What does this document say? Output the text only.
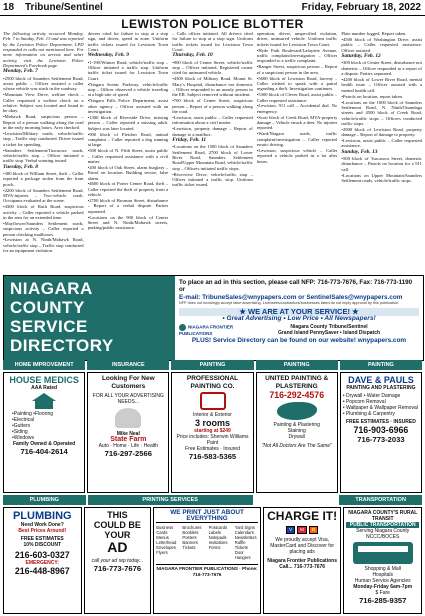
18	Tribune/Sentinel	Friday, February 18, 2022
LEWISTON POLICE BLOTTER

The following activity occurred Monday, Feb. 7 to Sunday, Feb. 13 and was reported by the Lewiston Police Department. LPD responded to calls not mentioned here. For more information on arrests and other activity, visit the Lewiston Police Department's Facebook page.

Monday, Feb. 7

•2500 block of Saunders Settlement Road, assist public – Officer assisted a caller whose vehicle was stuck in the roadway.

•Mountain View Drive, welfare check – Caller requested a welfare check on a relative. Subject was located and found to be okay.

•Mohawk Road, suspicious person – Report of a person walking along the road in the early morning hours. Area checked.

•Lewiston/Military roads, vehicle/traffic stop – Traffic stop conducted. Driver issued a ticket for speeding.

•Saunders Settlement/Tuscarora roads, vehicle/traffic stop – Officer initiated a traffic stop. Verbal warning issued.

Tuesday, Feb. 8

•300 block of William Street, theft – Caller reported a package stolen from the front porch.

•2200 block of Saunders Settlement Road, MVA-injuries – Two-vehicle crash. Occupants evaluated at the scene.

•4300 block of Ruth Road, suspicious activity – Caller reported a vehicle parked in the area for an extended time.

•Mayflower/Saunders Settlement roads, suspicious activity – Caller reported a person checking mailboxes.

•Lewiston at N. Ninth/Mohawk Road, vehicle/traffic stop – Traffic stop conducted for an equipment violation.

drivers cited for failure to stop at a stop sign, and driver, speed in zone. Uniform traffic tickets issued for Lewiston Town Court.

Wednesday, Feb. 9

•1-190/Witmer Road, vehicle/traffic stop – Officer initiated a traffic stop. Uniform traffic ticket issued for Lewiston Town Court.

•Niagara Scenic Parkway, vehicle/traffic stop – Officer observed a vehicle traveling at a high rate of speed.

•Niagara Falls Police Department, assist other agency – Officer assisted with an investigation.

•1300 block of Riverside Drive, missing person – Caller reported a missing adult. Subject was later located.

•900 block of Fletcher Road, animal complaint – Caller reported a dog running at large.

•500 block of N. Fifth Street, assist public – Caller requested assistance with a civil matter.

•200 block of Oak Street, alarm burglary – Patrol on location. Building secure, false alarm.

•4600 block of Porter Center Road, theft – Caller reported the theft of property from a vehicle.

•2700 block of Bronson Street, disturbance – Report of a verbal dispute. Parties separated.

•Locations on the 900 block of Center Street and N. Ninth/Mohawk streets, parking/public assistance.

– Calls officer initiated. All drivers cited for failure to stop at a stop sign. Uniform traffic tickets issued for Lewiston Town Court.

Thursday, Feb. 10

•900 block of Center Street, vehicle/traffic stop – Officer initiated. Registered owner cited for uninsured vehicle.

•4300 block of Military Road, Mount St. Mary's Hospital, disturbance not domestic – Officer responded to an unruly person in the ER. Subject removed without incident.

•700 block of Center Street, suspicious person – Report of a person walking along the road.

•Lewiston, assist public – Caller requested information about a civil matter.

•Lewiston, property damage – Report of damage to a mailbox.

Friday, Feb. 11

•Locations on the 1500 block of Saunders Settlement Road, 2700 block of Lower River Road, Saunders Settlement Road/Upper Mountain Road, vehicle/traffic stop – Officers initiated traffic stops.

•Riverview Drive, vehicle/traffic stop – Officer initiated a traffic stop. Uniform traffic ticket issued.

operation, driver, unspecified violation, driver, uninsured vehicle. Uniform traffic tickets issued for Lewiston Town Court.

•Hyde Park Boulevard/Lafayette Avenue, traffic complaint/investigation – Officer responded to a traffic complaint.

•Ranger Street, suspicious person – Report of a suspicious person in the area.

•5600 block of Lewiston Road, larceny – Caller wished to speak with a patrol regarding a theft. Investigation continues.

•5300 block of Clever Road, assist public – Caller requested assistance.

•Lewiston, 911 call – Accidental dial. No emergency.

•Scott block of Creek Road, MVA-property damage – Vehicle struck a deer. No injuries reported.

•Ward/Niagara roads, traffic complaint/investigation – Caller reported erratic driving.

•Lewiston, suspicious vehicle – Caller reported a vehicle parked in a lot after hours.

Plate number logged. Report taken.

•4500 block of Washington Drive, assist public – Caller requested assistance. Officer assisted.

Saturday, Feb. 12

•300 block of Center Street, disturbance not domestic – Officer responded to a report of a dispute. Parties separated.

•4200 block of Lower River Road, mental health issue – Officer assisted with a mental health call.

•Patrols on location, report taken.

•Locations on the 1000 block of Saunders Settlement Road, N. Ninth/Onondaga streets and 4500 block of Creek Road, vehicle/traffic stops – Officers conducted traffic stops.

•2900 block of Lewiston Road, property damage – Report of damage to property.

•Lewiston, assist public – Caller requested assistance.

Sunday, Feb. 13

•500 block of Tuscarora Street, domestic disturbance – Patrols on location for a 911 call.

•Locations on Upper Mountain/Saunders Settlement roads, vehicle/traffic stops.

NIAGARA
COUNTY
SERVICE
DIRECTORY
To place an ad in this section, please call NFP: 716-773-7676, Fax: 716-773-1190 or
E-mail: TribuneSales@wnypapers.com or SentinelSales@wnypapers.com
NFP does not knowingly accept false advertising. Licensees/contractors/businesses listed do not imply approval by this publication.
★ WE ARE AT YOUR SERVICE! ★
• Great Advertising • Low Price • All Newspapers!
NIAGARA FRONTIER PUBLICATIONS
Niagara County Tribune/Sentinel
Grand Island PennySaver • Island Dispatch
PLUS! Service Directory can be found on our website! wnypapers.com
HOME IMPROVEMENT	INSURANCE	PAINTING	PAINTING	PAINTING
HOUSE MEDICS
AAA Rated
•Painting •Flooring
•Electrical
•Gutters
•Siding
•Windows
Family Owned & Operated
716-404-2614
Looking For New Customers
FOR ALL YOUR ADVERTISING NEEDS...
Mike Neal
State Farm
Auto · Home · Life · Health
716-297-2566
PROFESSIONAL PAINTING CO.
Interior & Exterior
3 rooms
starting at $249
Price includes: Sherwin Williams Paint
Free Estimates · Insured
716-583-5365
UNITED PAINTING & PLASTERING
716-292-4576
Painting & Plastering
Staining
Drywall
"Not All Doctors Are The Same"
DAVE & PAULS
PAINTING AND PLASTERING
• Drywall • Water Damage
• Popcorn Removal
• Wallpaper & Wallpaper Removal
• Plumbing & Carpentry
FREE ESTIMATES · INSURED
716-903-6966
716-773-2033
PLUMBING	PRINTING SERVICES	TRANSPORTATION
PLUMBING
Need Work Done?
Best Prices Around!
FREE ESTIMATES
10% DISCOUNT
216-603-0327
EMERGENCY:
216-448-8967
THIS
COULD BE
YOUR
AD
call your ad rep today...
716-773-7676
WE PRINT JUST ABOUT EVERYTHING
Business Cards
Menus
Letterhead
Envelopes
Flyers
Brochures
Booklets
Posters
Banners
Tickets
Postcards
Labels
Notepads
Invitations
Forms
Yard Signs
Calendars
Newsletters
Raffle Tickets
Door Hangers
NIAGARA FRONTIER PUBLICATIONS · Phone: 716-773-7676
CHARGE IT!
V	M	D
We proudly accept Visa, MasterCard and Discover for placing ads
Niagara Frontier Publications
Call... 716-773-7676
NIAGARA COUNTY'S RURAL TRANSIT
PUBLIC TRANSPORTATION
Serving Niagara County NCCC/BOCES
Shopping & Mall
Hospitals
Human Service Agencies
Monday-Friday 6am-7pm
$ Fare
716-285-9357
